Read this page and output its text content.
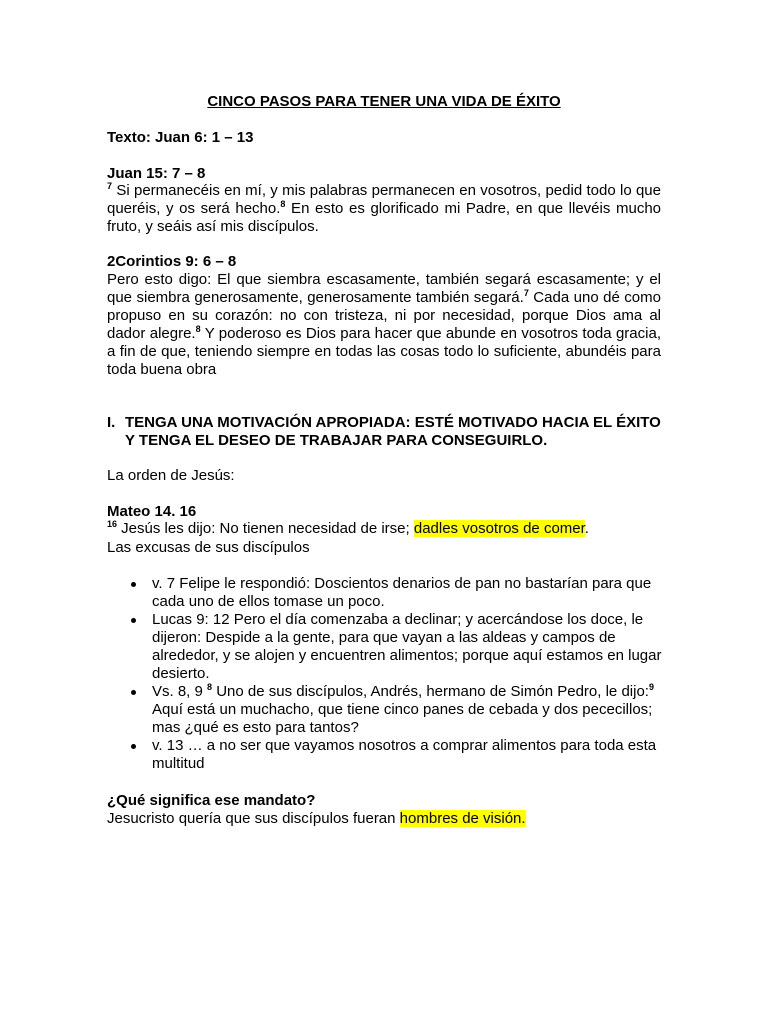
CINCO PASOS PARA TENER UNA VIDA DE ÉXITO
Texto: Juan 6: 1 – 13
Juan 15: 7 – 8
$^7$ Si permanecéis en mí, y mis palabras permanecen en vosotros, pedid todo lo que queréis, y os será hecho.$^8$ En esto es glorificado mi Padre, en que llevéis mucho fruto, y seáis así mis discípulos.
2Corintios 9: 6 – 8
Pero esto digo: El que siembra escasamente, también segará escasamente; y el que siembra generosamente, generosamente también segará.$^7$ Cada uno dé como propuso en su corazón: no con tristeza, ni por necesidad, porque Dios ama al dador alegre.$^8$ Y poderoso es Dios para hacer que abunde en vosotros toda gracia, a fin de que, teniendo siempre en todas las cosas todo lo suficiente, abundéis para toda buena obra
I. TENGA UNA MOTIVACIÓN APROPIADA: ESTÉ MOTIVADO HACIA EL ÉXITO Y TENGA EL DESEO DE TRABAJAR PARA CONSEGUIRLO.
La orden de Jesús:
Mateo 14. 16
$^{16}$ Jesús les dijo: No tienen necesidad de irse; dadles vosotros de comer.
Las excusas de sus discípulos
v. 7 Felipe le respondió: Doscientos denarios de pan no bastarían para que cada uno de ellos tomase un poco.
Lucas 9: 12 Pero el día comenzaba a declinar; y acercándose los doce, le dijeron: Despide a la gente, para que vayan a las aldeas y campos de alrededor, y se alojen y encuentren alimentos; porque aquí estamos en lugar desierto.
Vs. 8, 9 $^8$ Uno de sus discípulos, Andrés, hermano de Simón Pedro, le dijo:$^9$ Aquí está un muchacho, que tiene cinco panes de cebada y dos pececillos; mas ¿qué es esto para tantos?
v. 13 … a no ser que vayamos nosotros a comprar alimentos para toda esta multitud
¿Qué significa ese mandato?
Jesucristo quería que sus discípulos fueran hombres de visión.
